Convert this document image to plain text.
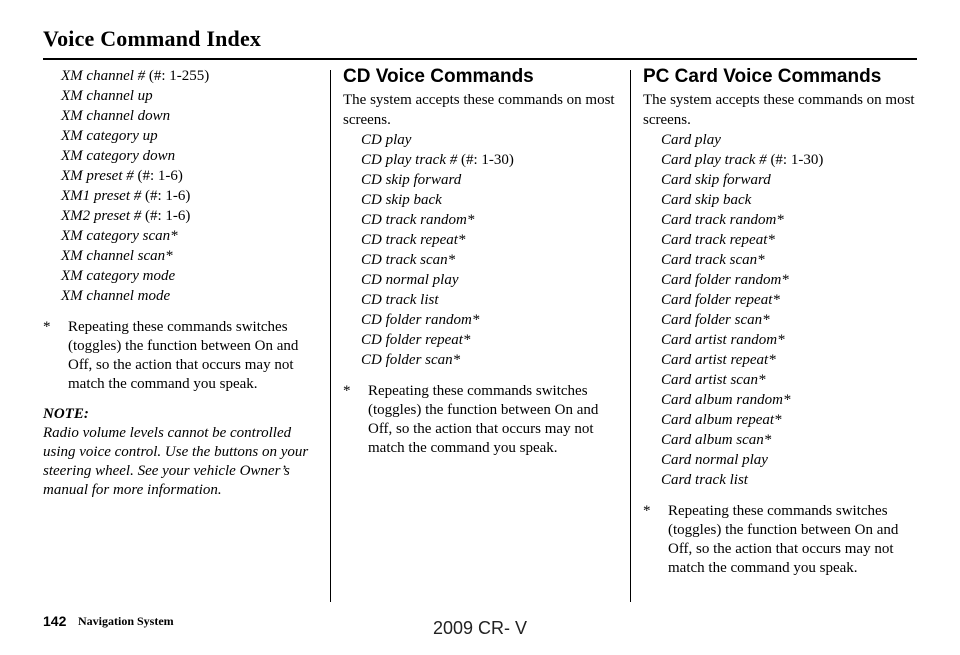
Voice Command Index
XM channel # (#: 1-255)
XM channel up
XM channel down
XM category up
XM category down
XM preset # (#: 1-6)
XM1 preset # (#: 1-6)
XM2 preset # (#: 1-6)
XM category scan*
XM channel scan*
XM category mode
XM channel mode
* Repeating these commands switches (toggles) the function between On and Off, so the action that occurs may not match the command you speak.
NOTE:
Radio volume levels cannot be controlled using voice control. Use the buttons on your steering wheel. See your vehicle Owner’s manual for more information.
CD Voice Commands

The system accepts these commands on most screens.

CD play
CD play track # (#: 1-30)
CD skip forward
CD skip back
CD track random*
CD track repeat*
CD track scan*
CD normal play
CD track list
CD folder random*
CD folder repeat*
CD folder scan*
* Repeating these commands switches (toggles) the function between On and Off, so the action that occurs may not match the command you speak.
PC Card Voice Commands

The system accepts these commands on most screens.

Card play
Card play track # (#: 1-30)
Card skip forward
Card skip back
Card track random*
Card track repeat*
Card track scan*
Card folder random*
Card folder repeat*
Card folder scan*
Card artist random*
Card artist repeat*
Card artist scan*
Card album random*
Card album repeat*
Card album scan*
Card normal play
Card track list
* Repeating these commands switches (toggles) the function between On and Off, so the action that occurs may not match the command you speak.
142 Navigation System	2009 CR- V
